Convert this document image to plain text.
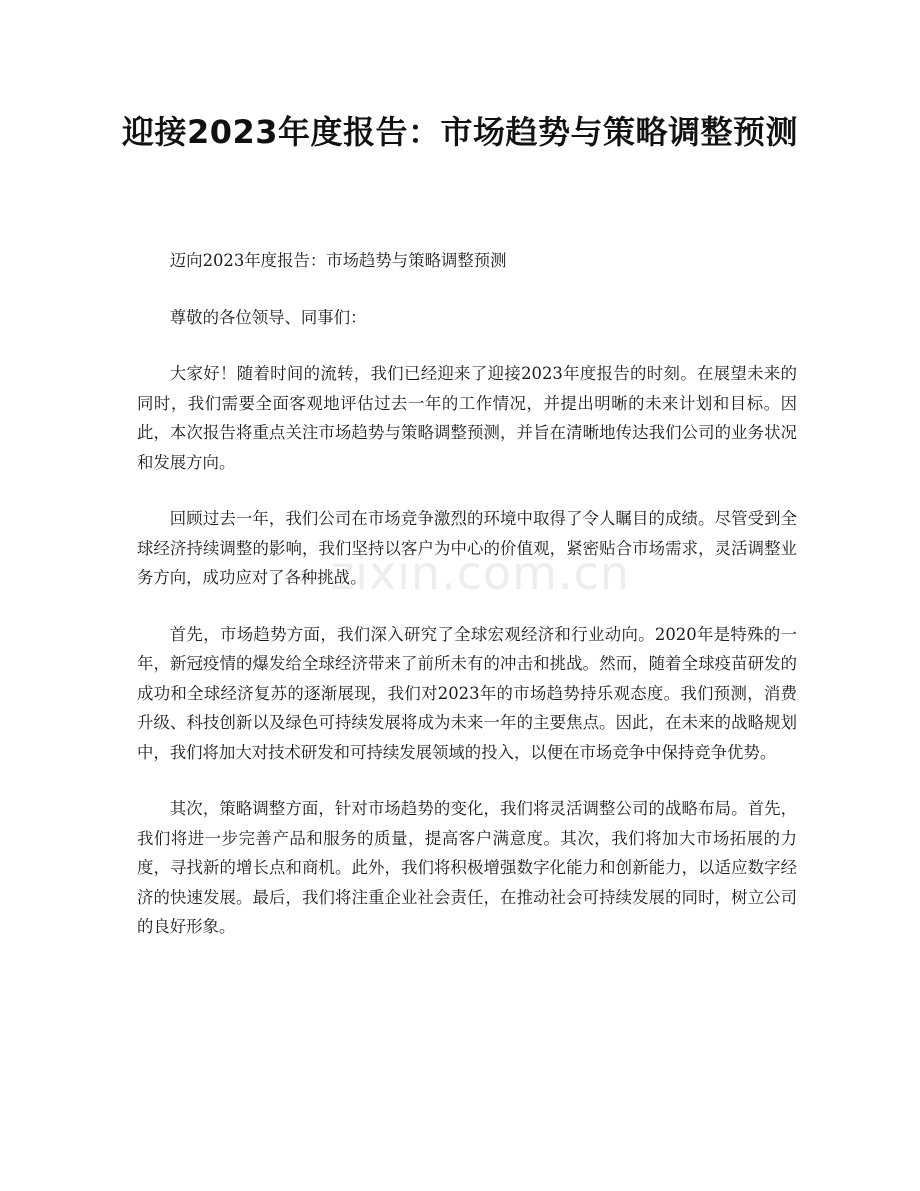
迎接2023年度报告：市场趋势与策略调整预测
zixin.com.cn

迈向2023年度报告：市场趋势与策略调整预测

尊敬的各位领导、同事们：

大家好！随着时间的流转，我们已经迎来了迎接2023年度报告的时刻。在展望未来的同时，我们需要全面客观地评估过去一年的工作情况，并提出明晰的未来计划和目标。因此，本次报告将重点关注市场趋势与策略调整预测，并旨在清晰地传达我们公司的业务状况和发展方向。

回顾过去一年，我们公司在市场竞争激烈的环境中取得了令人瞩目的成绩。尽管受到全球经济持续调整的影响，我们坚持以客户为中心的价值观，紧密贴合市场需求，灵活调整业务方向，成功应对了各种挑战。

首先，市场趋势方面，我们深入研究了全球宏观经济和行业动向。2020年是特殊的一年，新冠疫情的爆发给全球经济带来了前所未有的冲击和挑战。然而，随着全球疫苗研发的成功和全球经济复苏的逐渐展现，我们对2023年的市场趋势持乐观态度。我们预测，消费升级、科技创新以及绿色可持续发展将成为未来一年的主要焦点。因此，在未来的战略规划中，我们将加大对技术研发和可持续发展领域的投入，以便在市场竞争中保持竞争优势。

其次，策略调整方面，针对市场趋势的变化，我们将灵活调整公司的战略布局。首先，我们将进一步完善产品和服务的质量，提高客户满意度。其次，我们将加大市场拓展的力度，寻找新的增长点和商机。此外，我们将积极增强数字化能力和创新能力，以适应数字经济的快速发展。最后，我们将注重企业社会责任，在推动社会可持续发展的同时，树立公司的良好形象。
